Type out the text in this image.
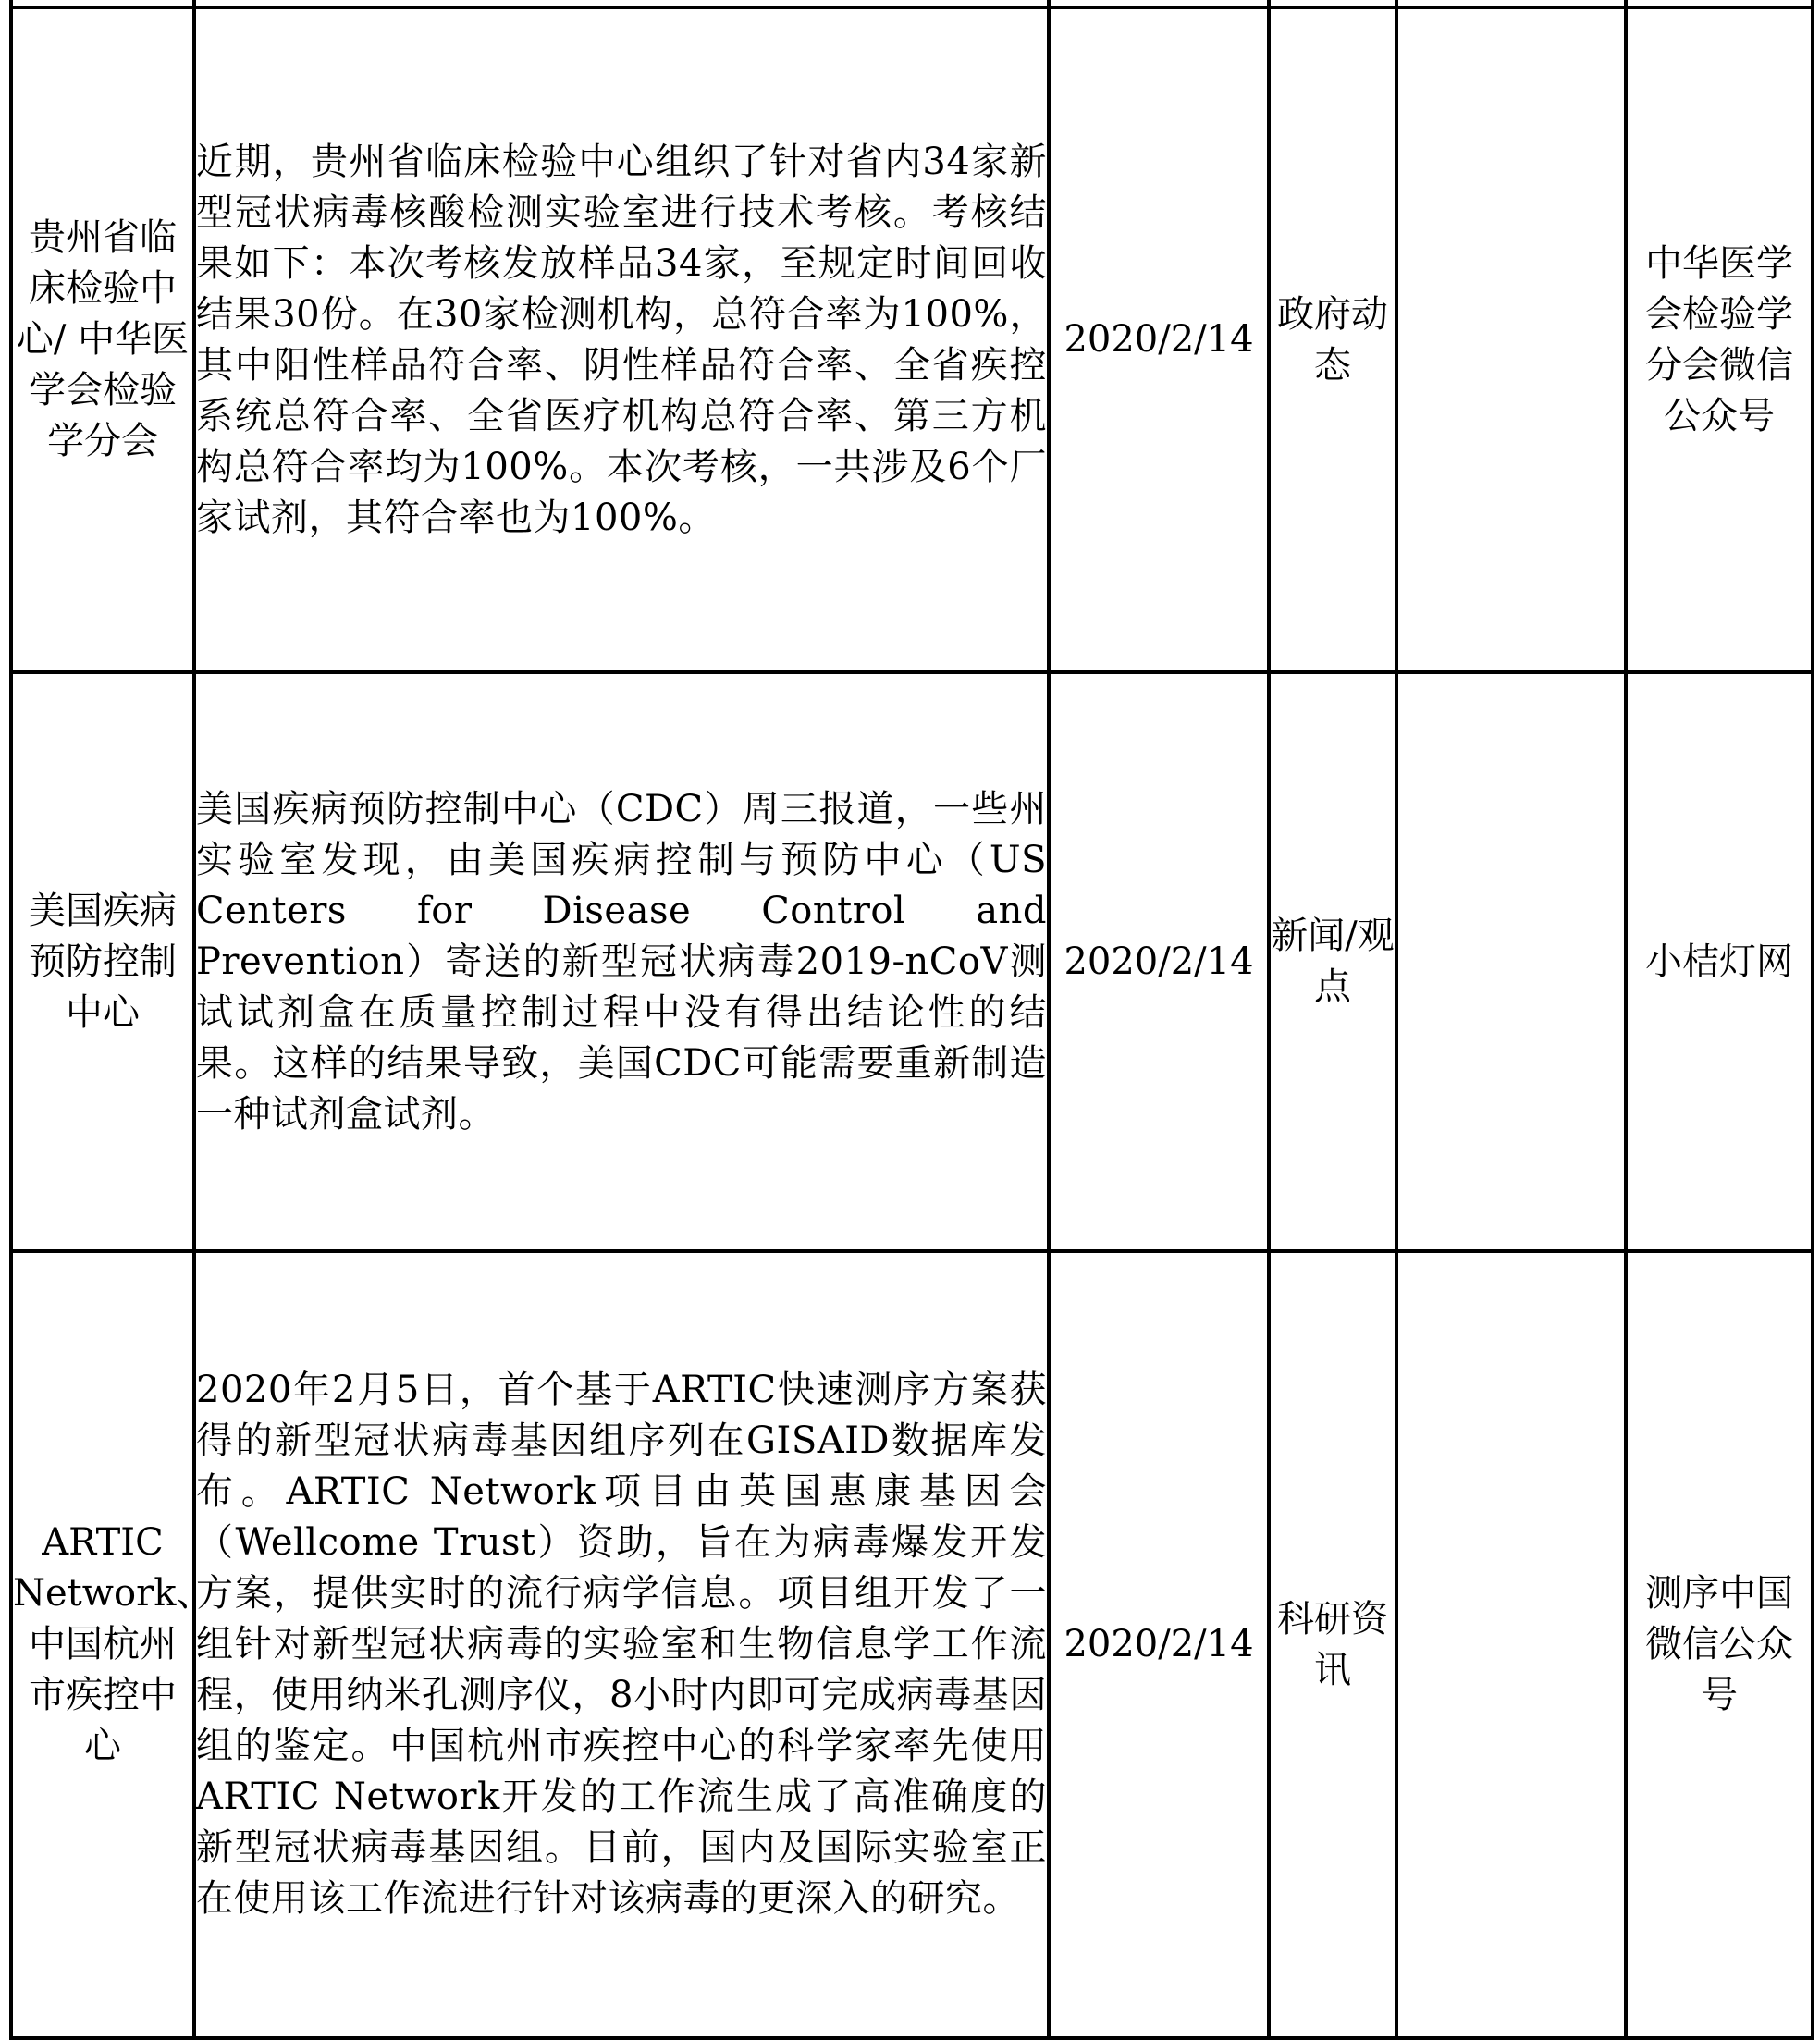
贵州省临床检验中心/ 中华医学会检验学分会	近期，贵州省临床检验中心组织了针对省内34家新型冠状病毒核酸检测实验室进行技术考核。考核结果如下：本次考核发放样品34家，至规定时间回收结果30份。在30家检测机构，总符合率为100%，其中阳性样品符合率、阴性样品符合率、全省疾控系统总符合率、全省医疗机构总符合率、第三方机构总符合率均为100%。本次考核，一共涉及6个厂家试剂，其符合率也为100%。	2020/2/14	政府动态		中华医学会检验学分会微信公众号
美国疾病预防控制中心	美国疾病预防控制中心（CDC）周三报道，一些州实验室发现，由美国疾病控制与预防中心（US Centers for Disease Control and Prevention）寄送的新型冠状病毒2019-nCoV测试试剂盒在质量控制过程中没有得出结论性的结果。这样的结果导致，美国CDC可能需要重新制造一种试剂盒试剂。	2020/2/14	新闻/观点		小桔灯网
ARTIC Network、中国杭州市疾控中心	2020年2月5日，首个基于ARTIC快速测序方案获得的新型冠状病毒基因组序列在GISAID数据库发布。ARTIC Network项目由英国惠康基因会（Wellcome Trust）资助，旨在为病毒爆发开发方案，提供实时的流行病学信息。项目组开发了一组针对新型冠状病毒的实验室和生物信息学工作流程，使用纳米孔测序仪，8小时内即可完成病毒基因组的鉴定。中国杭州市疾控中心的科学家率先使用ARTIC Network开发的工作流生成了高准确度的新型冠状病毒基因组。目前，国内及国际实验室正在使用该工作流进行针对该病毒的更深入的研究。	2020/2/14	科研资讯		测序中国微信公众号
